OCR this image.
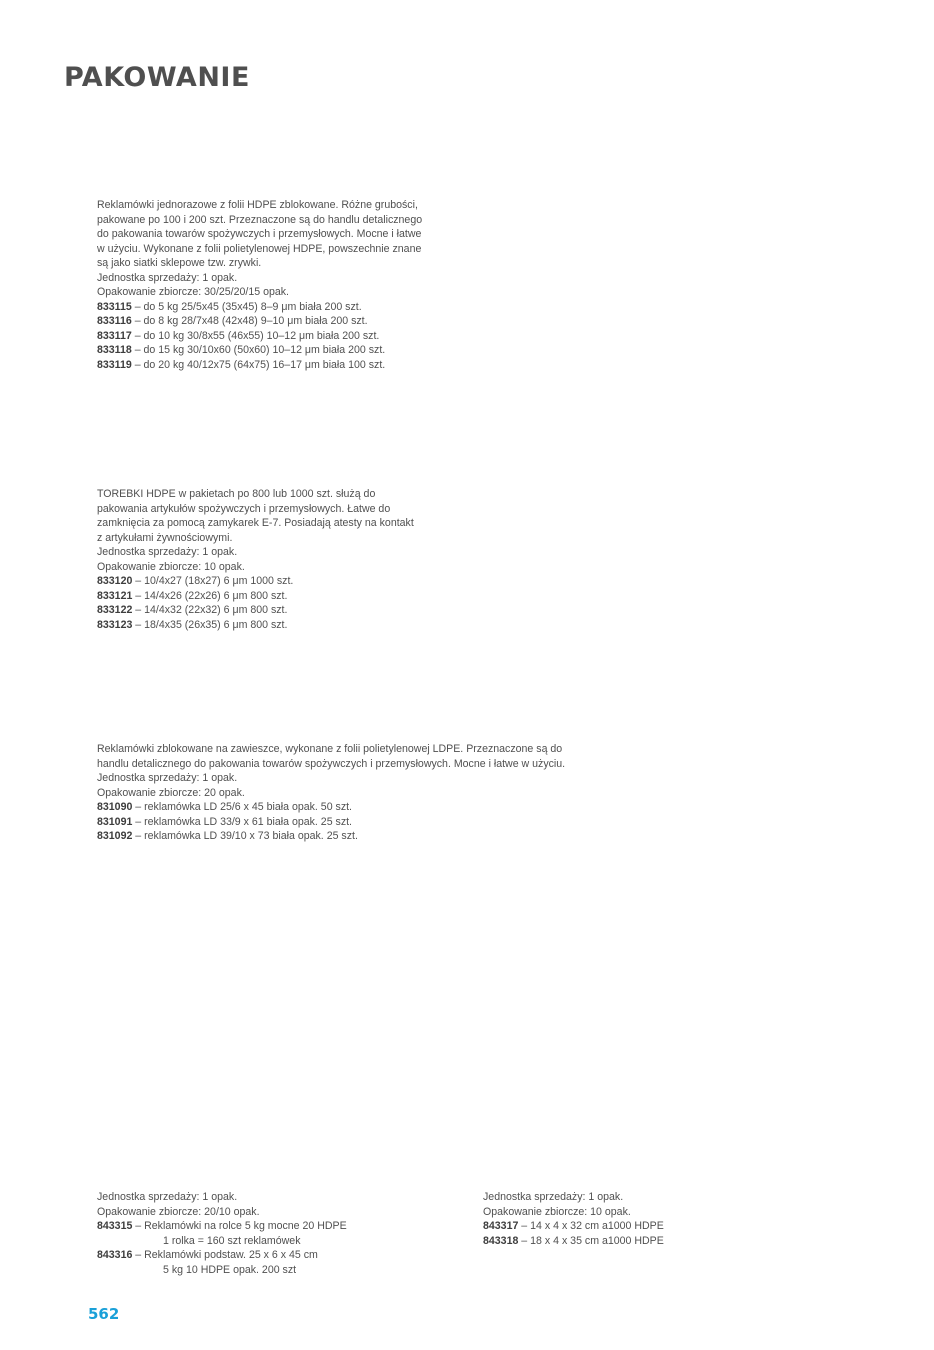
PAKOWANIE
Reklamówki jednorazowe z folii HDPE zblokowane. Różne grubości,
pakowane po 100 i 200 szt. Przeznaczone są do handlu detalicznego
do pakowania towarów spożywczych i przemysłowych. Mocne i łatwe
w użyciu. Wykonane z folii polietylenowej HDPE, powszechnie znane
są jako siatki sklepowe tzw. zrywki.
Jednostka sprzedaży: 1 opak.
Opakowanie zbiorcze: 30/25/20/15 opak.
833115 – do 5 kg 25/5x45 (35x45) 8–9 μm biała 200 szt.
833116 – do 8 kg 28/7x48 (42x48) 9–10 μm biała 200 szt.
833117 – do 10 kg 30/8x55 (46x55) 10–12 μm biała 200 szt.
833118 – do 15 kg 30/10x60 (50x60) 10–12 μm biała 200 szt.
833119 – do 20 kg 40/12x75 (64x75) 16–17 μm biała 100 szt.
TOREBKI HDPE w pakietach po 800 lub 1000 szt. służą do
pakowania artykułów spożywczych i przemysłowych. Łatwe do
zamknięcia za pomocą zamykarek E-7. Posiadają atesty na kontakt
z artykułami żywnościowymi.
Jednostka sprzedaży: 1 opak.
Opakowanie zbiorcze: 10 opak.
833120 – 10/4x27 (18x27) 6 μm 1000 szt.
833121 – 14/4x26 (22x26) 6 μm 800 szt.
833122 – 14/4x32 (22x32) 6 μm 800 szt.
833123 – 18/4x35 (26x35) 6 μm 800 szt.
Reklamówki zblokowane na zawieszce, wykonane z folii polietylenowej LDPE. Przeznaczone są do
handlu detalicznego do pakowania towarów spożywczych i przemysłowych. Mocne i łatwe w użyciu.
Jednostka sprzedaży: 1 opak.
Opakowanie zbiorcze: 20 opak.
831090 – reklamówka LD 25/6 x 45 biała opak. 50 szt.
831091 – reklamówka LD 33/9 x 61 biała opak. 25 szt.
831092 – reklamówka LD 39/10 x 73 biała opak. 25 szt.
Jednostka sprzedaży: 1 opak.
Opakowanie zbiorcze: 20/10 opak.
843315 – Reklamówki na rolce 5 kg mocne 20 HDPE
1 rolka = 160 szt reklamówek
843316 – Reklamówki podstaw. 25 x 6 x 45 cm
5 kg 10 HDPE opak. 200 szt
Jednostka sprzedaży: 1 opak.
Opakowanie zbiorcze: 10 opak.
843317 – 14 x 4 x 32 cm a1000 HDPE
843318 – 18 x 4 x 35 cm a1000 HDPE
562
